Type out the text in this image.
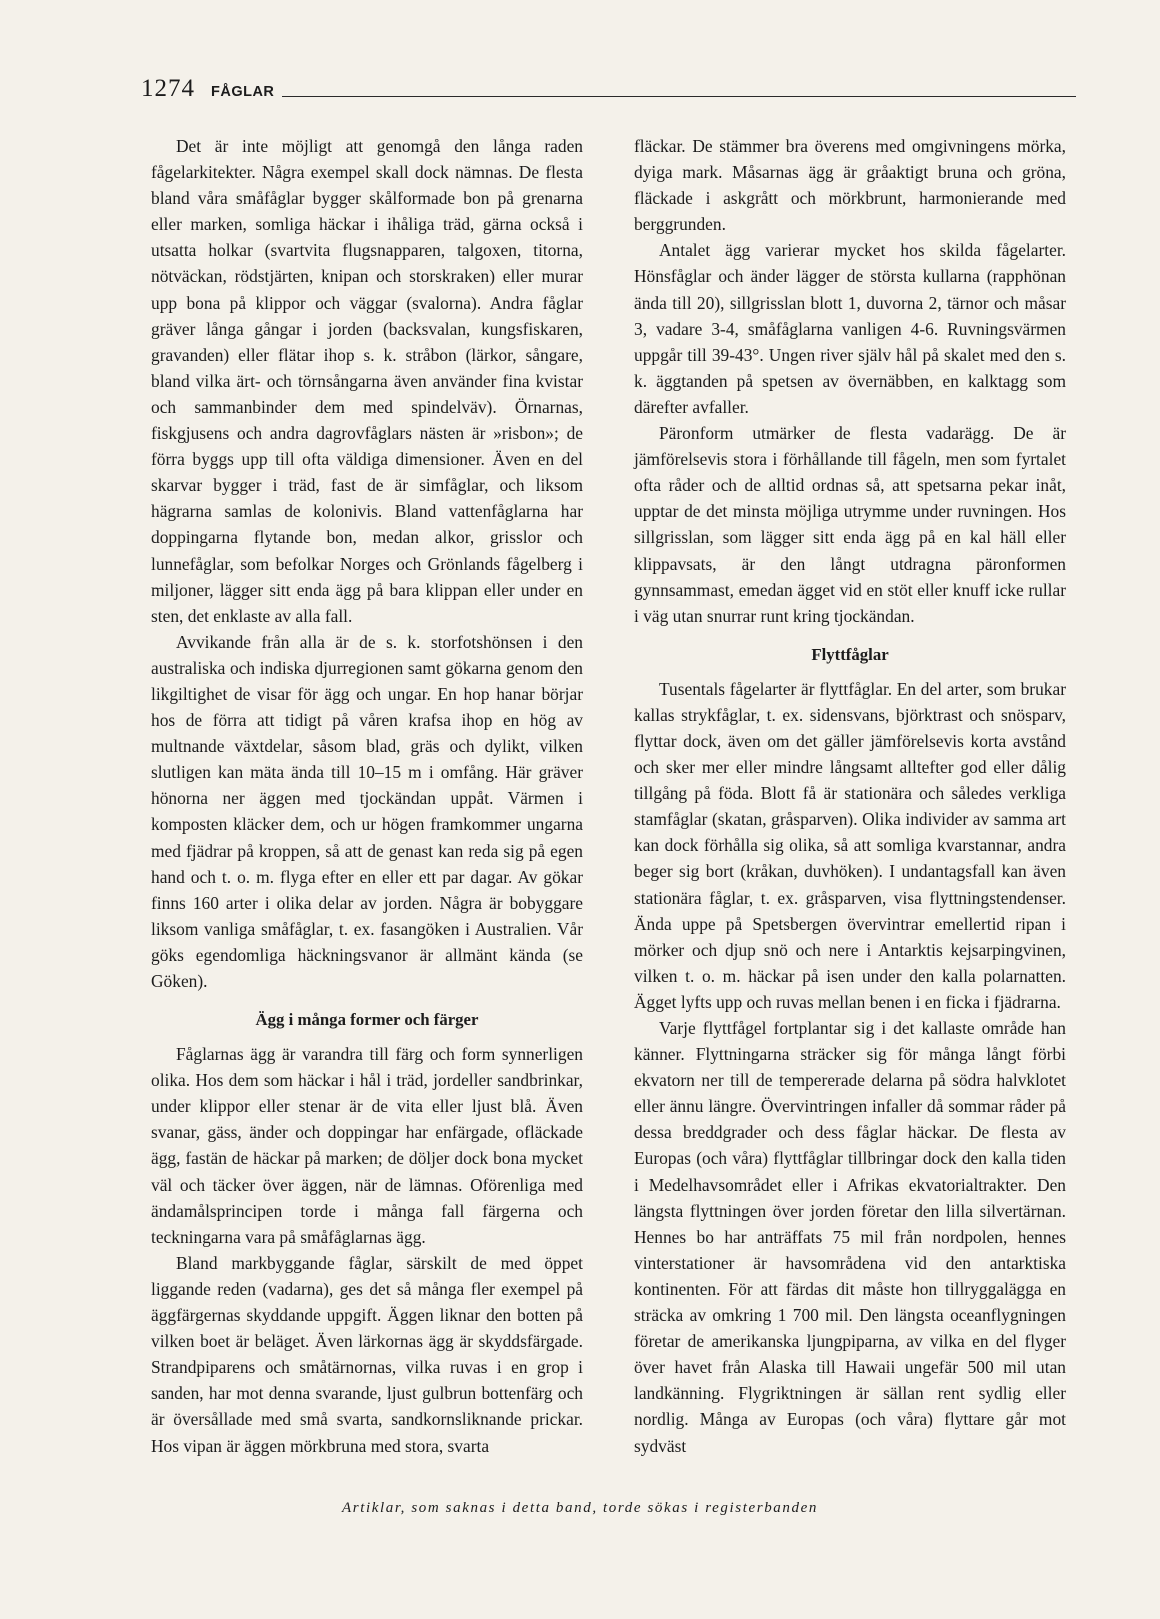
1274 FÅGLAR

Det är inte möjligt att genomgå den långa raden fågelarkitekter. Några exempel skall dock nämnas. De flesta bland våra småfåglar bygger skålformade bon på grenarna eller marken, somliga häckar i ihåliga träd, gärna också i utsatta holkar (svartvita flugsnapparen, talgoxen, titorna, nötväckan, rödstjärten, knipan och storskraken) eller murar upp bona på klippor och väggar (svalorna). Andra fåglar gräver långa gångar i jorden (backsvalan, kungsfiskaren, gravanden) eller flätar ihop s. k. stråbon (lärkor, sångare, bland vilka ärt- och törnsångarna även använder fina kvistar och sammanbinder dem med spindelväv). Örnarnas, fiskgjusens och andra dagrovfåglars nästen är »risbon»; de förra byggs upp till ofta väldiga dimensioner. Även en del skarvar bygger i träd, fast de är simfåglar, och liksom hägrarna samlas de kolonivis. Bland vattenfåglarna har doppingarna flytande bon, medan alkor, grisslor och lunnefåglar, som befolkar Norges och Grönlands fågelberg i miljoner, lägger sitt enda ägg på bara klippan eller under en sten, det enklaste av alla fall.

Avvikande från alla är de s. k. storfotshönsen i den australiska och indiska djurregionen samt gökarna genom den likgiltighet de visar för ägg och ungar. En hop hanar börjar hos de förra att tidigt på våren krafsa ihop en hög av multnande växtdelar, såsom blad, gräs och dylikt, vilken slutligen kan mäta ända till 10–15 m i omfång. Här gräver hönorna ner äggen med tjockändan uppåt. Värmen i komposten kläcker dem, och ur högen framkommer ungarna med fjädrar på kroppen, så att de genast kan reda sig på egen hand och t. o. m. flyga efter en eller ett par dagar. Av gökar finns 160 arter i olika delar av jorden. Några är bobyggare liksom vanliga småfåglar, t. ex. fasangöken i Australien. Vår göks egendomliga häckningsvanor är allmänt kända (se Göken).

Ägg i många former och färger

Fåglarnas ägg är varandra till färg och form synnerligen olika. Hos dem som häckar i hål i träd, jordeller sandbrinkar, under klippor eller stenar är de vita eller ljust blå. Även svanar, gäss, änder och doppingar har enfärgade, ofläckade ägg, fastän de häckar på marken; de döljer dock bona mycket väl och täcker över äggen, när de lämnas. Oförenliga med ändamålsprincipen torde i många fall färgerna och teckningarna vara på småfåglarnas ägg.

Bland markbyggande fåglar, särskilt de med öppet liggande reden (vadarna), ges det så många fler exempel på äggfärgernas skyddande uppgift. Äggen liknar den botten på vilken boet är beläget. Även lärkornas ägg är skyddsfärgade. Strandpiparens och småtärnornas, vilka ruvas i en grop i sanden, har mot denna svarande, ljust gulbrun bottenfärg och är översållade med små svarta, sandkornsliknande prickar. Hos vipan är äggen mörkbruna med stora, svarta

fläckar. De stämmer bra överens med omgivningens mörka, dyiga mark. Måsarnas ägg är gråaktigt bruna och gröna, fläckade i askgrått och mörkbrunt, harmonierande med berggrunden.

Antalet ägg varierar mycket hos skilda fågelarter. Hönsfåglar och änder lägger de största kullarna (rapphönan ända till 20), sillgrisslan blott 1, duvorna 2, tärnor och måsar 3, vadare 3-4, småfåglarna vanligen 4-6. Ruvningsvärmen uppgår till 39-43°. Ungen river själv hål på skalet med den s. k. äggtanden på spetsen av övernäbben, en kalktagg som därefter avfaller.

Päronform utmärker de flesta vadarägg. De är jämförelsevis stora i förhållande till fågeln, men som fyrtalet ofta råder och de alltid ordnas så, att spetsarna pekar inåt, upptar de det minsta möjliga utrymme under ruvningen. Hos sillgrisslan, som lägger sitt enda ägg på en kal häll eller klippavsats, är den långt utdragna päronformen gynnsammast, emedan ägget vid en stöt eller knuff icke rullar i väg utan snurrar runt kring tjockändan.

Flyttfåglar

Tusentals fågelarter är flyttfåglar. En del arter, som brukar kallas strykfåglar, t. ex. sidensvans, björktrast och snösparv, flyttar dock, även om det gäller jämförelsevis korta avstånd och sker mer eller mindre långsamt alltefter god eller dålig tillgång på föda. Blott få är stationära och således verkliga stamfåglar (skatan, gråsparven). Olika individer av samma art kan dock förhålla sig olika, så att somliga kvarstannar, andra beger sig bort (kråkan, duvhöken). I undantagsfall kan även stationära fåglar, t. ex. gråsparven, visa flyttningstendenser. Ända uppe på Spetsbergen övervintrar emellertid ripan i mörker och djup snö och nere i Antarktis kejsarpingvinen, vilken t. o. m. häckar på isen under den kalla polarnatten. Ägget lyfts upp och ruvas mellan benen i en ficka i fjädrarna.

Varje flyttfågel fortplantar sig i det kallaste område han känner. Flyttningarna sträcker sig för många långt förbi ekvatorn ner till de tempererade delarna på södra halvklotet eller ännu längre. Övervintringen infaller då sommar råder på dessa breddgrader och dess fåglar häckar. De flesta av Europas (och våra) flyttfåglar tillbringar dock den kalla tiden i Medelhavsområdet eller i Afrikas ekvatorialtrakter. Den längsta flyttningen över jorden företar den lilla silvertärnan. Hennes bo har anträffats 75 mil från nordpolen, hennes vinterstationer är havsområdena vid den antarktiska kontinenten. För att färdas dit måste hon tillryggalägga en sträcka av omkring 1 700 mil. Den längsta oceanflygningen företar de amerikanska ljungpiparna, av vilka en del flyger över havet från Alaska till Hawaii ungefär 500 mil utan landkänning. Flygriktningen är sällan rent sydlig eller nordlig. Många av Europas (och våra) flyttare går mot sydväst

Artiklar, som saknas i detta band, torde sökas i registerbanden
